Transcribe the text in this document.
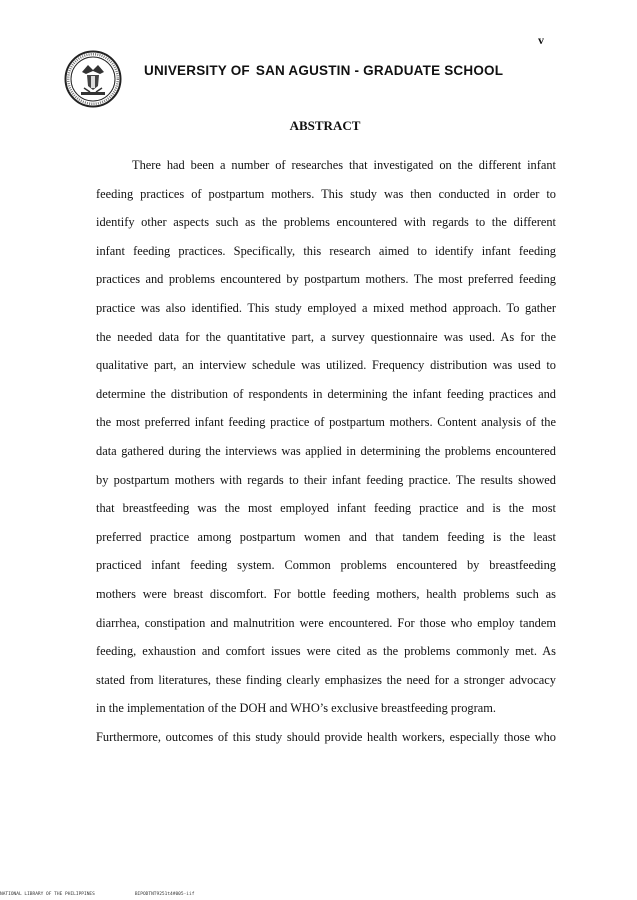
v
UNIVERSITY OF SAN AGUSTIN - GRADUATE SCHOOL
ABSTRACT
There had been a number of researches that investigated on the different infant
feeding practices of postpartum mothers. This study was then conducted in order to
identify other aspects such as the problems encountered with regards to the different
infant feeding practices. Specifically, this research aimed to identify infant feeding
practices and problems encountered by postpartum mothers. The most preferred feeding
practice was also identified. This study employed a mixed method approach. To gather
the needed data for the quantitative part, a survey questionnaire was used. As for the
qualitative part, an interview schedule was utilized. Frequency distribution was used to
determine the distribution of respondents in determining the infant feeding practices and
the most preferred infant feeding practice of postpartum mothers. Content analysis of the
data gathered during the interviews was applied in determining the problems encountered
by postpartum mothers with regards to their infant feeding practice. The results showed
that breastfeeding was the most employed infant feeding practice and is the most
preferred practice among postpartum women and that tandem feeding is the least
practiced infant feeding system. Common problems encountered by breastfeeding
mothers were breast discomfort. For bottle feeding mothers, health problems such as
diarrhea, constipation and malnutrition were encountered. For those who employ tandem
feeding, exhaustion and comfort issues were cited as the problems commonly met. As
stated from literatures, these finding clearly emphasizes the need for a stronger advocacy
in the implementation of the DOH and WHO’s exclusive breastfeeding program.
Furthermore, outcomes of this study should provide health workers, especially those who
NATIONAL LIBRARY OF THE PHILIPPINES	BIPODTNT9251t4#005-iif
